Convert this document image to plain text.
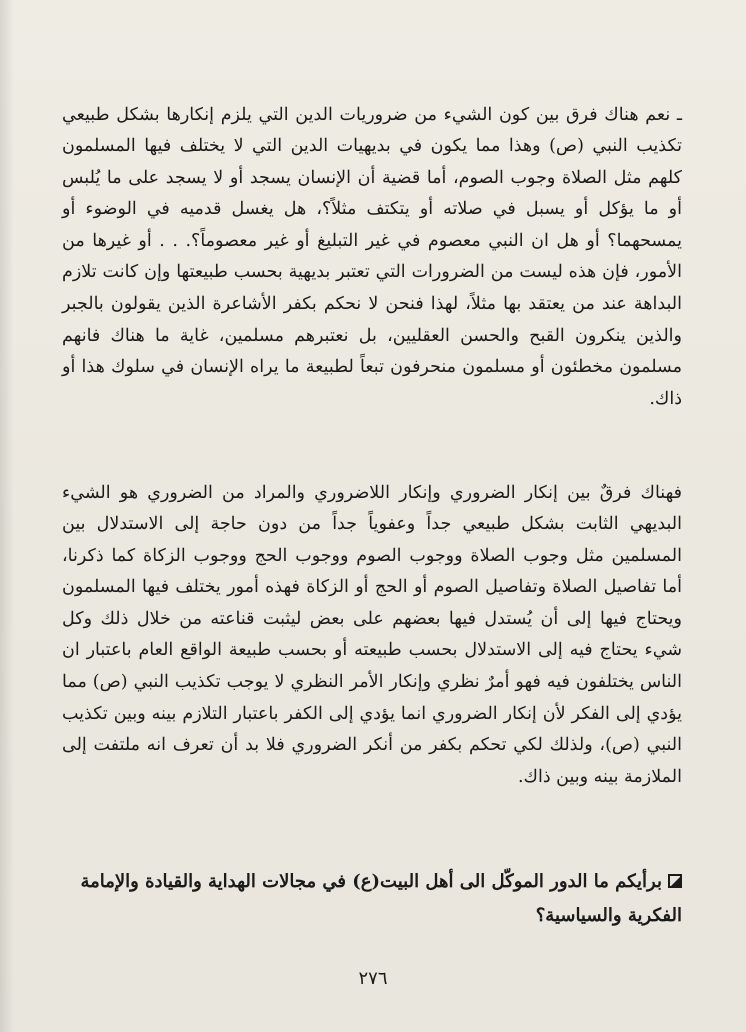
ـ نعم هناك فرق بين كون الشيء من ضروريات الدين التي يلزم إنكارها بشكل طبيعي تكذيب النبي (ص) وهذا مما يكون في بديهيات الدين التي لا يختلف فيها المسلمون كلهم مثل الصلاة وجوب الصوم، أما قضية أن الإنسان يسجد أو لا يسجد على ما يُلبس أو ما يؤكل أو يسبل في صلاته أو يتكتف مثلاً؟، هل يغسل قدميه في الوضوء أو يمسحهما؟ أو هل ان النبي معصوم في غير التبليغ أو غير معصوماً؟. . . أو غيرها من الأمور، فإن هذه ليست من الضرورات التي تعتبر بديهية بحسب طبيعتها وإن كانت تلازم البداهة عند من يعتقد بها مثلاً، لهذا فنحن لا نحكم بكفر الأشاعرة الذين يقولون بالجبر والذين ينكرون القبح والحسن العقليين، بل نعتبرهم مسلمين، غاية ما هناك فانهم مسلمون مخطئون أو مسلمون منحرفون تبعاً لطبيعة ما يراه الإنسان في سلوك هذا أو ذاك.

فهناك فرقٌ بين إنكار الضروري وإنكار اللاضروري والمراد من الضروري هو الشيء البديهي الثابت بشكل طبيعي جداً وعفوياً جداً من دون حاجة إلى الاستدلال بين المسلمين مثل وجوب الصلاة ووجوب الصوم ووجوب الحج ووجوب الزكاة كما ذكرنا، أما تفاصيل الصلاة وتفاصيل الصوم أو الحج أو الزكاة فهذه أمور يختلف فيها المسلمون ويحتاج فيها إلى أن يُستدل فيها بعضهم على بعض ليثبت قناعته من خلال ذلك وكل شيء يحتاج فيه إلى الاستدلال بحسب طبيعته أو بحسب طبيعة الواقع العام باعتبار ان الناس يختلفون فيه فهو أمرٌ نظري وإنكار الأمر النظري لا يوجب تكذيب النبي (ص) مما يؤدي إلى الفكر لأن إنكار الضروري انما يؤدي إلى الكفر باعتبار التلازم بينه وبين تكذيب النبي (ص)، ولذلك لكي تحكم بكفر من أنكر الضروري فلا بد أن تعرف انه ملتفت إلى الملازمة بينه وبين ذاك.

برأيكم ما الدور الموكّل الى أهل البيت(ع) في مجالات الهداية والقيادة والإمامة الفكرية والسياسية؟
٢٧٦
